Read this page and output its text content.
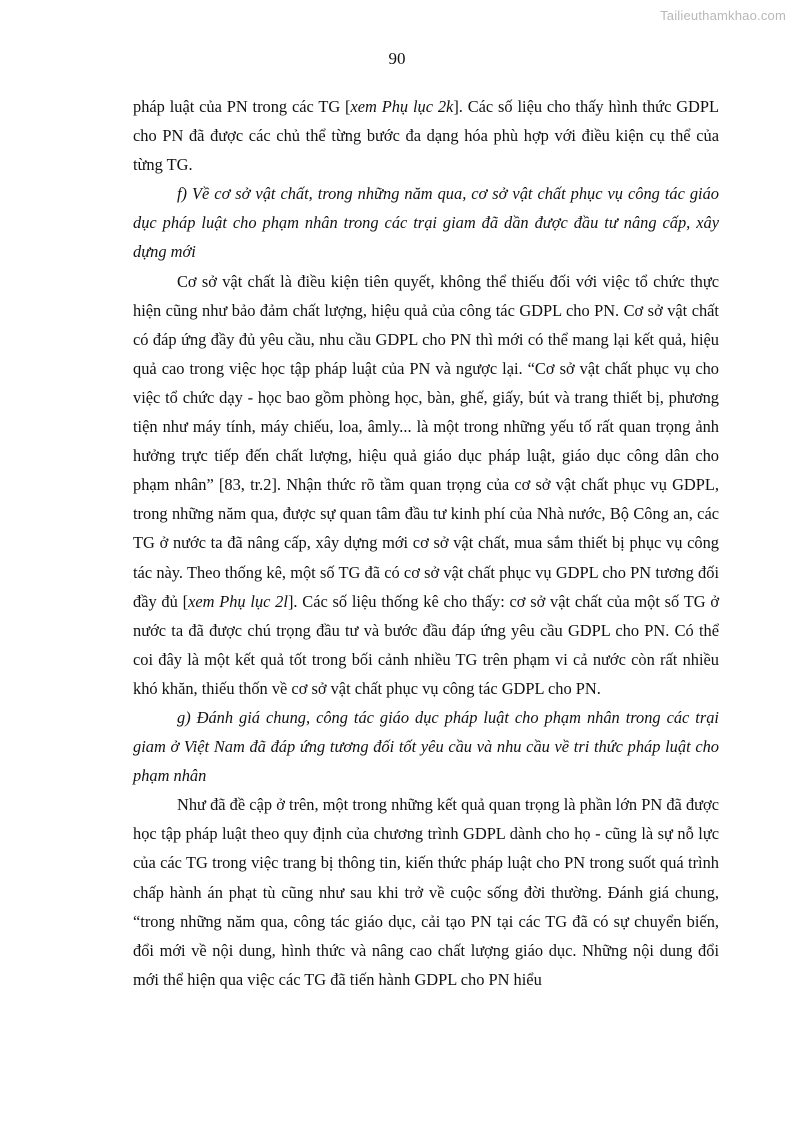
Tailieuthamkhao.com
90

pháp luật của PN trong các TG [xem Phụ lục 2k]. Các số liệu cho thấy hình thức GDPL cho PN đã được các chủ thể từng bước đa dạng hóa phù hợp với điều kiện cụ thể của từng TG.

f) Về cơ sở vật chất, trong những năm qua, cơ sở vật chất phục vụ công tác giáo dục pháp luật cho phạm nhân trong các trại giam đã dần được đầu tư nâng cấp, xây dựng mới

Cơ sở vật chất là điều kiện tiên quyết, không thể thiếu đối với việc tổ chức thực hiện cũng như bảo đảm chất lượng, hiệu quả của công tác GDPL cho PN. Cơ sở vật chất có đáp ứng đầy đủ yêu cầu, nhu cầu GDPL cho PN thì mới có thể mang lại kết quả, hiệu quả cao trong việc học tập pháp luật của PN và ngược lại. “Cơ sở vật chất phục vụ cho việc tổ chức dạy - học bao gồm phòng học, bàn, ghế, giấy, bút và trang thiết bị, phương tiện như máy tính, máy chiếu, loa, âmly... là một trong những yếu tố rất quan trọng ảnh hưởng trực tiếp đến chất lượng, hiệu quả giáo dục pháp luật, giáo dục công dân cho phạm nhân” [83, tr.2]. Nhận thức rõ tầm quan trọng của cơ sở vật chất phục vụ GDPL, trong những năm qua, được sự quan tâm đầu tư kinh phí của Nhà nước, Bộ Công an, các TG ở nước ta đã nâng cấp, xây dựng mới cơ sở vật chất, mua sắm thiết bị phục vụ công tác này. Theo thống kê, một số TG đã có cơ sở vật chất phục vụ GDPL cho PN tương đối đầy đủ [xem Phụ lục 2l]. Các số liệu thống kê cho thấy: cơ sở vật chất của một số TG ở nước ta đã được chú trọng đầu tư và bước đầu đáp ứng yêu cầu GDPL cho PN. Có thể coi đây là một kết quả tốt trong bối cảnh nhiều TG trên phạm vi cả nước còn rất nhiều khó khăn, thiếu thốn về cơ sở vật chất phục vụ công tác GDPL cho PN.

g) Đánh giá chung, công tác giáo dục pháp luật cho phạm nhân trong các trại giam ở Việt Nam đã đáp ứng tương đối tốt yêu cầu và nhu cầu về tri thức pháp luật cho phạm nhân

Như đã đề cập ở trên, một trong những kết quả quan trọng là phần lớn PN đã được học tập pháp luật theo quy định của chương trình GDPL dành cho họ - cũng là sự nỗ lực của các TG trong việc trang bị thông tin, kiến thức pháp luật cho PN trong suốt quá trình chấp hành án phạt tù cũng như sau khi trở về cuộc sống đời thường. Đánh giá chung, “trong những năm qua, công tác giáo dục, cải tạo PN tại các TG đã có sự chuyển biến, đổi mới về nội dung, hình thức và nâng cao chất lượng giáo dục. Những nội dung đổi mới thể hiện qua việc các TG đã tiến hành GDPL cho PN hiểu
